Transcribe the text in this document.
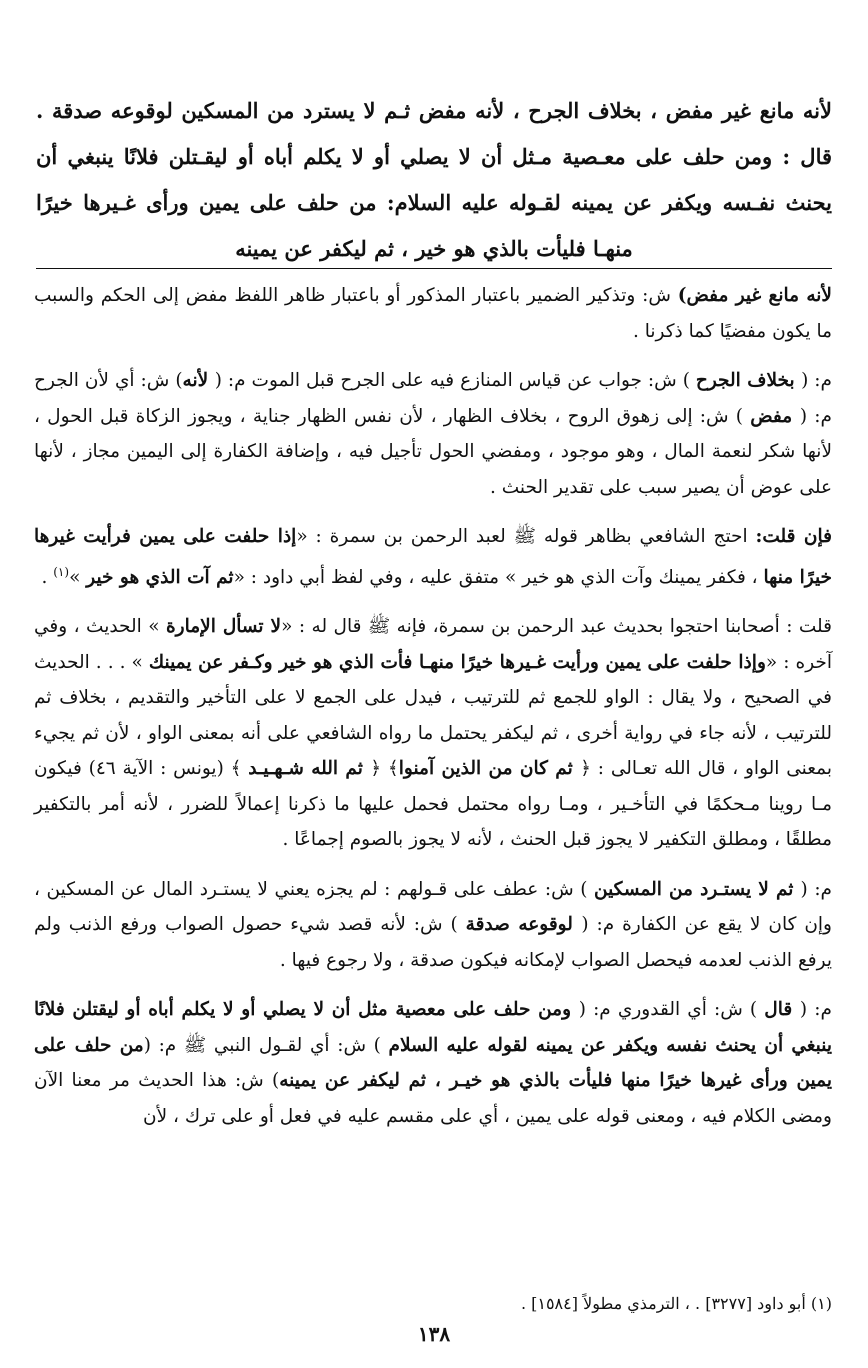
لأنه مانع غير مفض ، بخلاف الجرح ، لأنه مفض ثـم لا يسترد من المسكين لوقوعه صدقة . قال : ومن حلف على معـصية مـثل أن لا يصلي أو لا يكلم أباه أو ليقـتلن فلانًا ينبغي أن يحنث نفـسه ويكفر عن يمينه لقـوله عليه السلام: من حلف على يمين ورأى غـيرها خيرًا منهـا فليأت بالذي هو خير ، ثم ليكفر عن يمينه

لأنه مانع غير مفض) ش: وتذكير الضمير باعتبار المذكور أو باعتبار ظاهر اللفظ مفض إلى الحكم والسبب ما يكون مفضيًا كما ذكرنا .

م: ( بخلاف الجرح ) ش: جواب عن قياس المنازع فيه على الجرح قبل الموت م: ( لأنه) ش: أي لأن الجرح م: ( مفض ) ش: إلى زهوق الروح ، بخلاف الظهار ، لأن نفس الظهار جناية ، ويجوز الزكاة قبل الحول ، لأنها شكر لنعمة المال ، وهو موجود ، ومفضي الحول تأجيل فيه ، وإضافة الكفارة إلى اليمين مجاز ، لأنها على عوض أن يصير سبب على تقدير الحنث .

فإن قلت: احتج الشافعي بظاهر قوله ﷺ لعبد الرحمن بن سمرة : «إذا حلفت على يمين فرأيت غيرها خيرًا منها ، فكفر يمينك وآت الذي هو خير » متفق عليه ، وفي لفظ أبي داود : «ثم آت الذي هو خير »$^{(١)}$ .

قلت : أصحابنا احتجوا بحديث عبد الرحمن بن سمرة، فإنه ﷺ قال له : «لا تسأل الإمارة » الحديث ، وفي آخره : «وإذا حلفت على يمين ورأيت غـيرها خيرًا منهـا فأت الذي هو خير وكـفر عن يمينك » . . . الحديث في الصحيح ، ولا يقال : الواو للجمع ثم للترتيب ، فيدل على الجمع لا على التأخير والتقديم ، بخلاف ثم للترتيب ، لأنه جاء في رواية أخرى ، ثم ليكفر يحتمل ما رواه الشافعي على أنه بمعنى الواو ، لأن ثم يجيء بمعنى الواو ، قال الله تعـالى : ﴿ ثم كان من الذين آمنوا﴾ ﴿ ثم الله شـهـيـد ﴾ (يونس : الآية ٤٦) فيكون مـا روينا مـحكمًا في التأخـير ، ومـا رواه محتمل فحمل عليها ما ذكرنا إعمالاً للضرر ، لأنه أمر بالتكفير مطلقًا ، ومطلق التكفير لا يجوز قبل الحنث ، لأنه لا يجوز بالصوم إجماعًا .

م: ( ثم لا يستـرد من المسكين ) ش: عطف على قـولهم : لم يجزه يعني لا يستـرد المال عن المسكين ، وإن كان لا يقع عن الكفارة م: ( لوقوعه صدقة ) ش: لأنه قصد شيء حصول الصواب ورفع الذنب ولم يرفع الذنب لعدمه فيحصل الصواب لإمكانه فيكون صدقة ، ولا رجوع فيها .

م: ( قال ) ش: أي القدوري م: ( ومن حلف على معصية مثل أن لا يصلي أو لا يكلم أباه أو ليقتلن فلانًا ينبغي أن يحنث نفسه ويكفر عن يمينه لقوله عليه السلام ) ش: أي لقـول النبي ﷺ م: (من حلف على يمين ورأى غيرها خيرًا منها فليأت بالذي هو خيـر ، ثم ليكفر عن يمينه) ش: هذا الحديث مر معنا الآن ومضى الكلام فيه ، ومعنى قوله على يمين ، أي على مقسم عليه في فعل أو على ترك ، لأن

(١) أبو داود [٣٢٧٧] . ، الترمذي مطولاً [١٥٨٤] .
١٣٨
